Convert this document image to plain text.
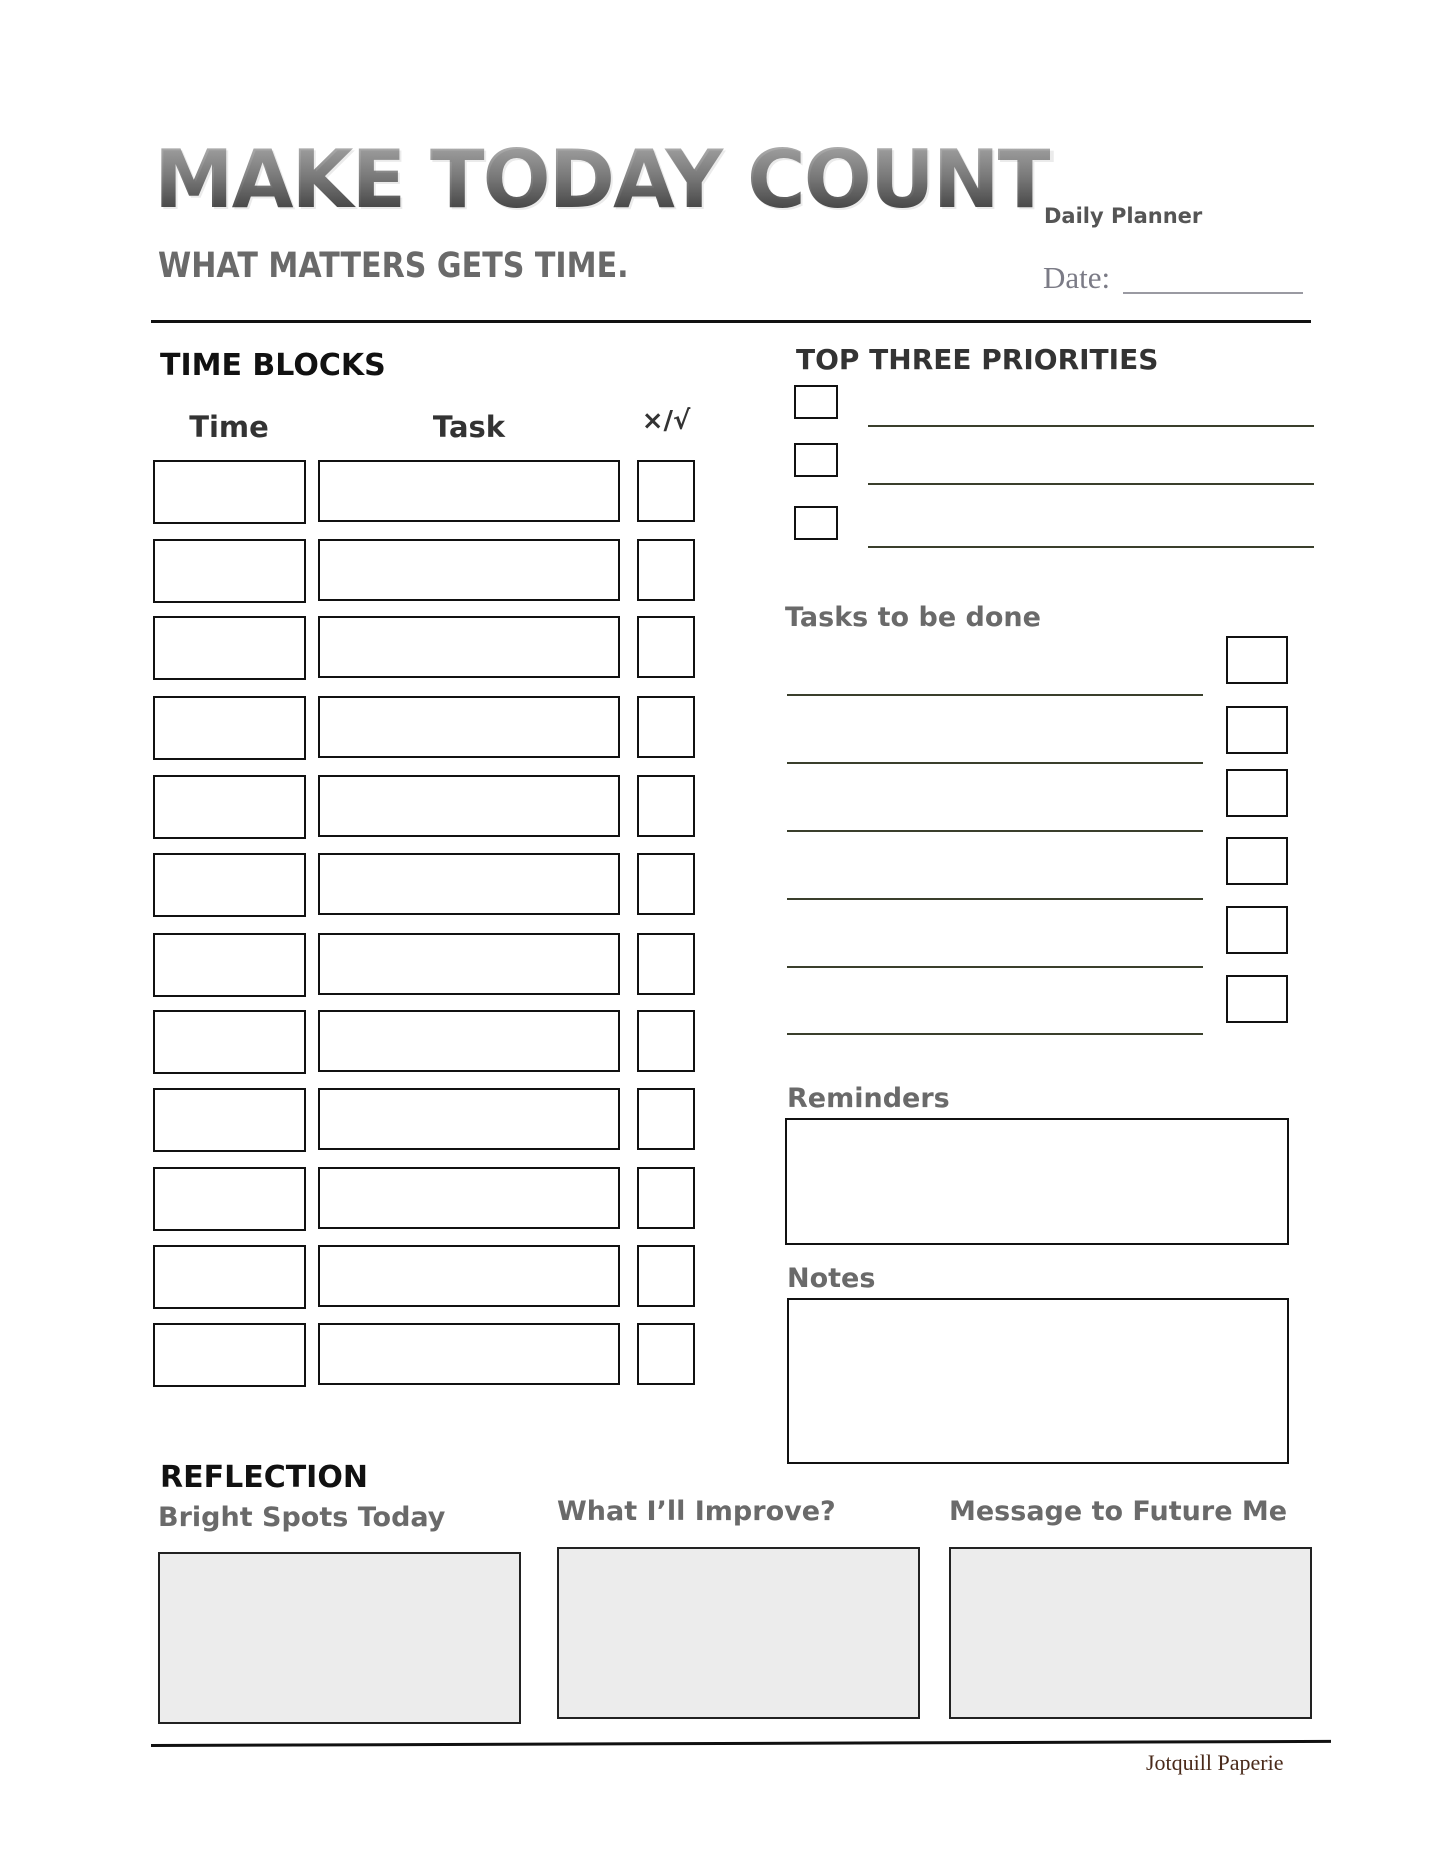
MAKE TODAY COUNT
Daily Planner
WHAT MATTERS GETS TIME.	Date:
TIME BLOCKS
Time	Task	×/√
TOP THREE PRIORITIES
Tasks to be done
Reminders
Notes
REFLECTION
Bright Spots Today	What I’ll Improve?	Message to Future Me
Jotquill Paperie
